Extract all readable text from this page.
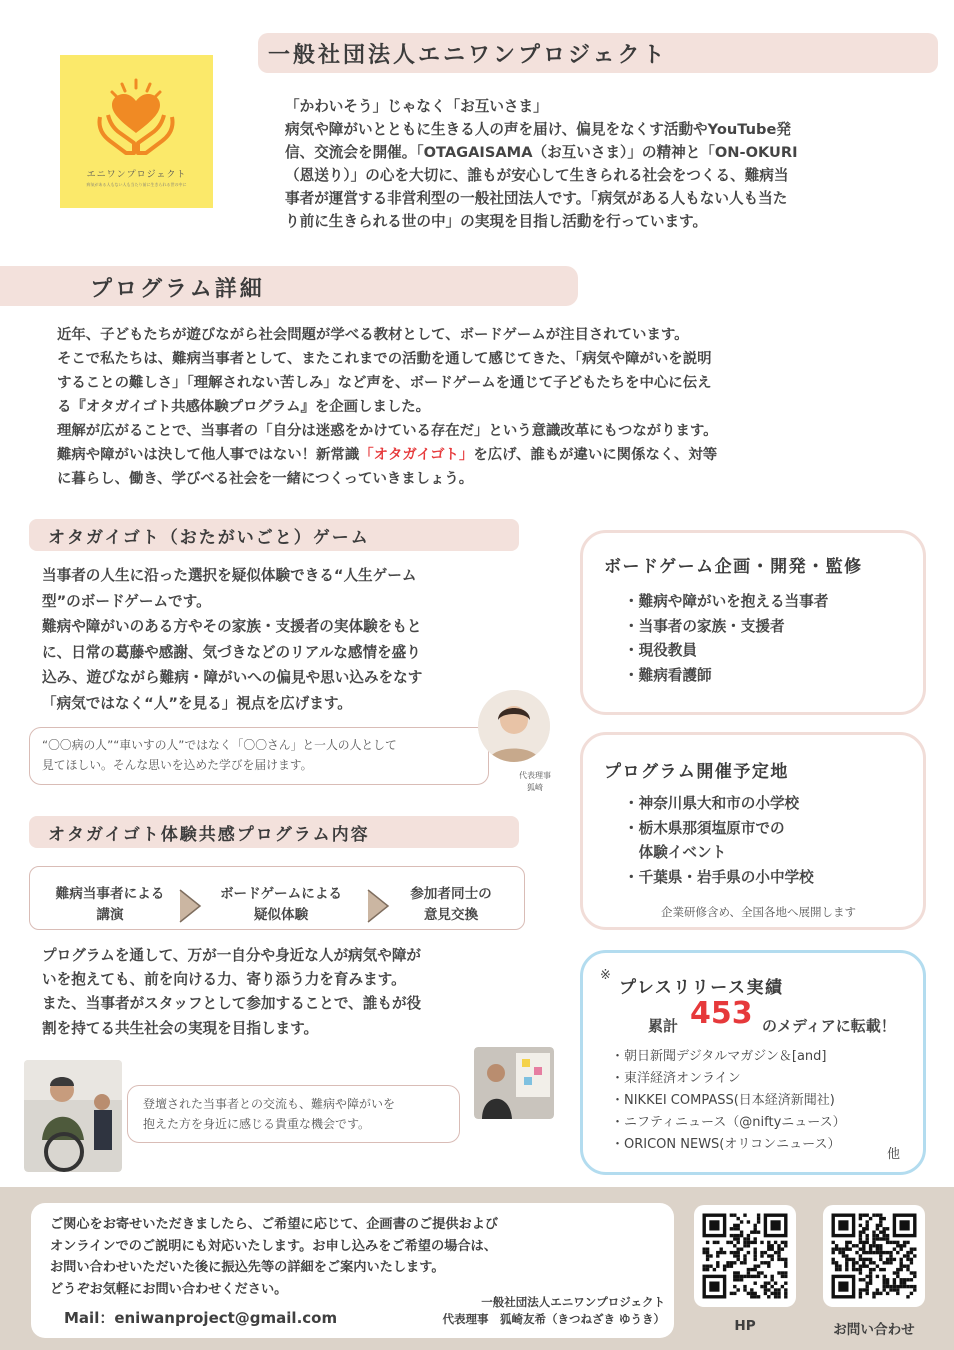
エニワンプロジェクト
病気がある人もない人も当たり前に生きられる世の中に
一般社団法人エニワンプロジェクト
「かわいそう」じゃなく「お互いさま」
病気や障がいとともに生きる人の声を届け、偏見をなくす活動やYouTube発
信、交流会を開催。「OTAGAISAMA（お互いさま）」の精神と「ON-OKURI
（恩送り）」の心を大切に、誰もが安心して生きられる社会をつくる、難病当
事者が運営する非営利型の一般社団法人です。「病気がある人もない人も当た
り前に生きられる世の中」の実現を目指し活動を行っています。
プログラム詳細
近年、子どもたちが遊びながら社会問題が学べる教材として、ボードゲームが注目されています。
そこで私たちは、難病当事者として、またこれまでの活動を通して感じてきた、「病気や障がいを説明
することの難しさ」「理解されない苦しみ」など声を、ボードゲームを通じて子どもたちを中心に伝え
る『オタガイゴト共感体験プログラム』を企画しました。
理解が広がることで、当事者の「自分は迷惑をかけている存在だ」という意識改革にもつながります。
難病や障がいは決して他人事ではない！新常識「オタガイゴト」を広げ、誰もが違いに関係なく、対等
に暮らし、働き、学びべる社会を一緒につくっていきましょう。
オタガイゴト（おたがいごと）ゲーム
当事者の人生に沿った選択を疑似体験できる“人生ゲーム
型”のボードゲームです。
難病や障がいのある方やその家族・支援者の実体験をもと
に、日常の葛藤や感謝、気づきなどのリアルな感情を盛り
込み、遊びながら難病・障がいへの偏見や思い込みをなす
「病気ではなく“人”を見る」視点を広げます。
“〇〇病の人”“車いすの人”ではなく「〇〇さん」と一人の人として
見てほしい。そんな思いを込めた学びを届けます。
代表理事
狐崎
オタガイゴト体験共感プログラム内容
難病当事者による
講演
ボードゲームによる
疑似体験
参加者同士の
意見交換
プログラムを通して、万が一自分や身近な人が病気や障が
いを抱えても、前を向ける力、寄り添う力を育みます。
また、当事者がスタッフとして参加することで、誰もが役
割を持てる共生社会の実現を目指します。
登壇された当事者との交流も、難病や障がいを
抱えた方を身近に感じる貴重な機会です。
ボードゲーム企画・開発・監修
・難病や障がいを抱える当事者
・当事者の家族・支援者
・現役教員
・難病看護師
プログラム開催予定地
・神奈川県大和市の小学校
・栃木県那須塩原市での
　体験イベント
・千葉県・岩手県の小中学校
企業研修含め、全国各地へ展開します
※
プレスリリース実績
累計 453 のメディアに転載！
・朝日新聞デジタルマガジン＆[and]
・東洋経済オンライン
・NIKKEI COMPASS(日本経済新聞社)
・ニフティニュース（@niftyニュース）
・ORICON NEWS(オリコンニュース）
他
ご関心をお寄せいただきましたら、ご希望に応じて、企画書のご提供および
オンラインでのご説明にも対応いたします。お申し込みをご希望の場合は、
お問い合わせいただいた後に振込先等の詳細をご案内いたします。
どうぞお気軽にお問い合わせください。
Mail：eniwanproject@gmail.com
一般社団法人エニワンプロジェクト
代表理事　狐崎友希（きつねざき ゆうき）	HP	お問い合わせ
